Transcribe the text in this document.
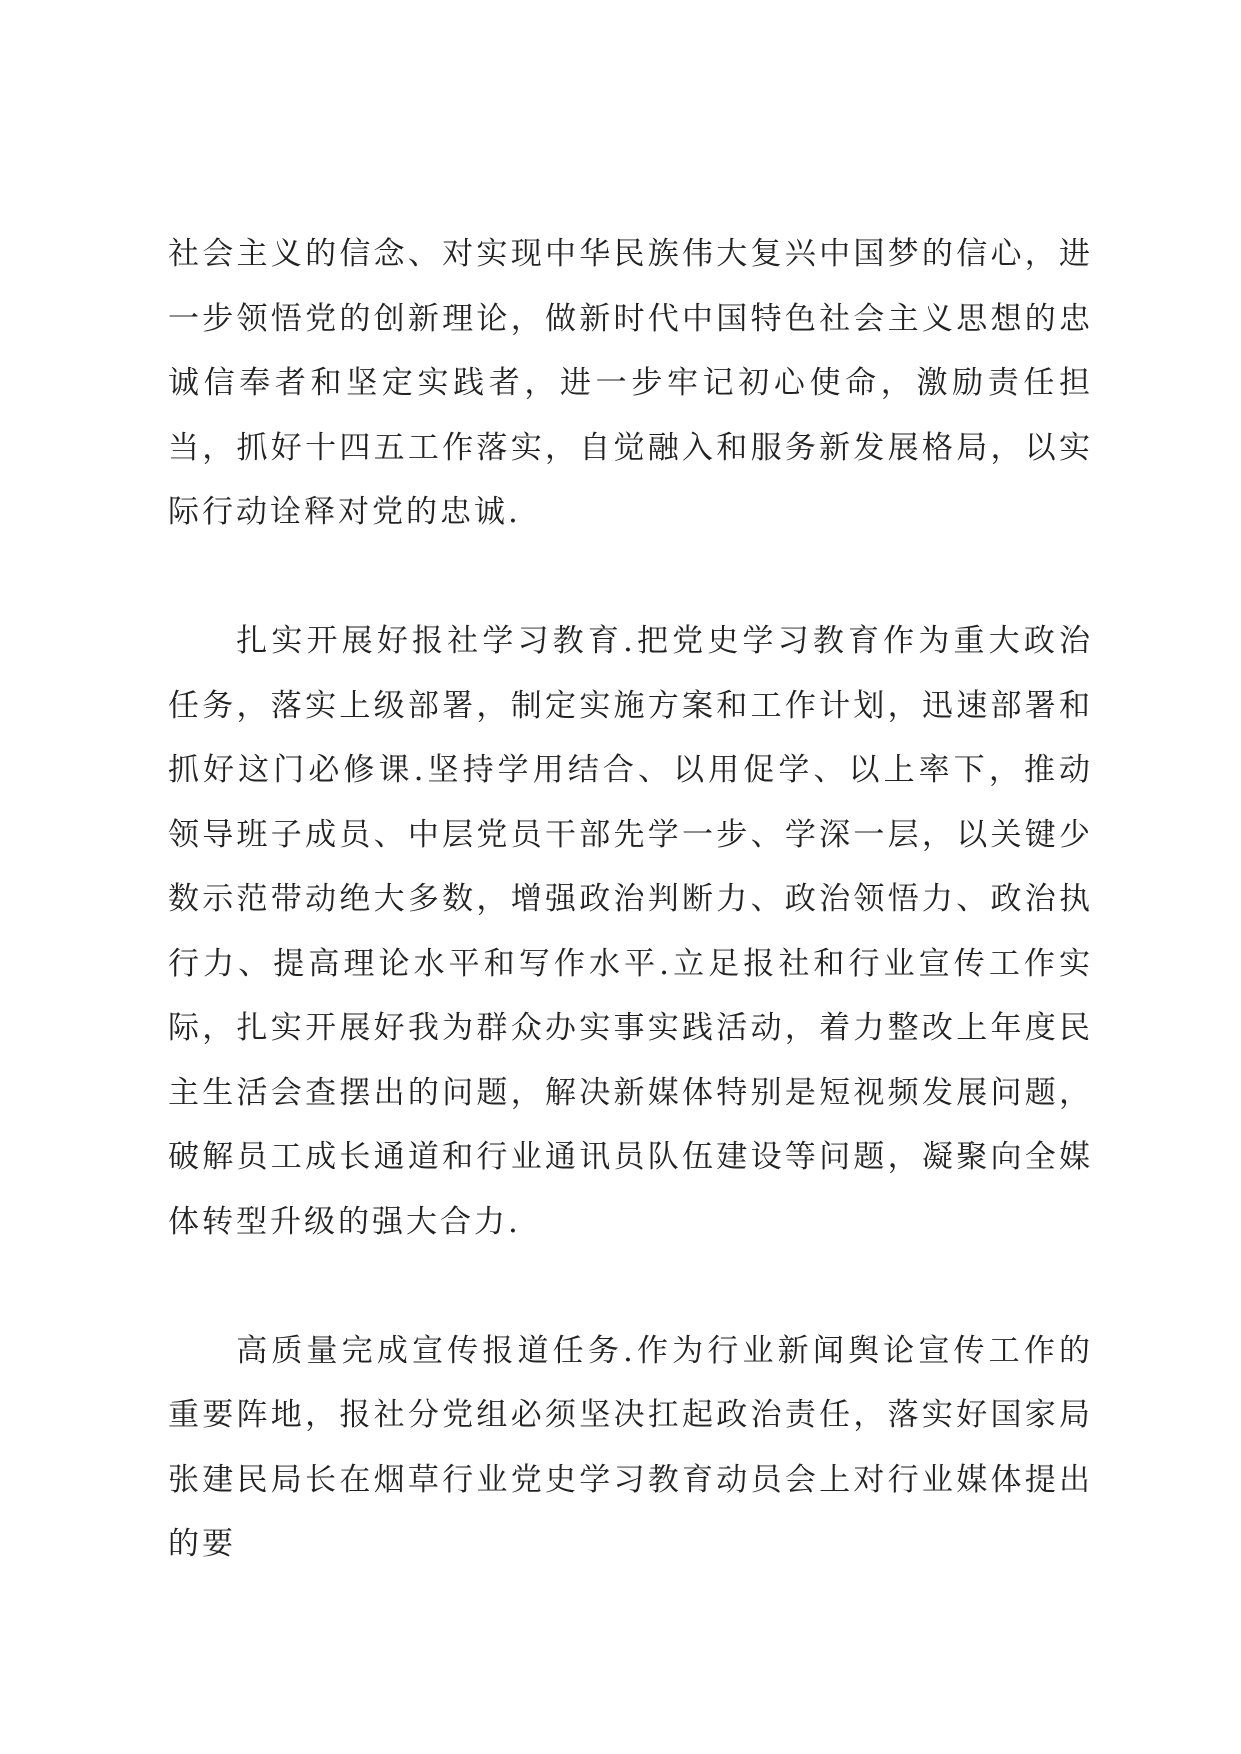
社会主义的信念、对实现中华民族伟大复兴中国梦的信心，进一步领悟党的创新理论，做新时代中国特色社会主义思想的忠诚信奉者和坚定实践者，进一步牢记初心使命，激励责任担当，抓好十四五工作落实，自觉融入和服务新发展格局，以实际行动诠释对党的忠诚.

扎实开展好报社学习教育.把党史学习教育作为重大政治任务，落实上级部署，制定实施方案和工作计划，迅速部署和抓好这门必修课.坚持学用结合、以用促学、以上率下，推动领导班子成员、中层党员干部先学一步、学深一层，以关键少数示范带动绝大多数，增强政治判断力、政治领悟力、政治执行力、提高理论水平和写作水平.立足报社和行业宣传工作实际，扎实开展好我为群众办实事实践活动，着力整改上年度民主生活会查摆出的问题，解决新媒体特别是短视频发展问题，破解员工成长通道和行业通讯员队伍建设等问题，凝聚向全媒体转型升级的强大合力.

高质量完成宣传报道任务.作为行业新闻舆论宣传工作的重要阵地，报社分党组必须坚决扛起政治责任，落实好国家局张建民局长在烟草行业党史学习教育动员会上对行业媒体提出的要
